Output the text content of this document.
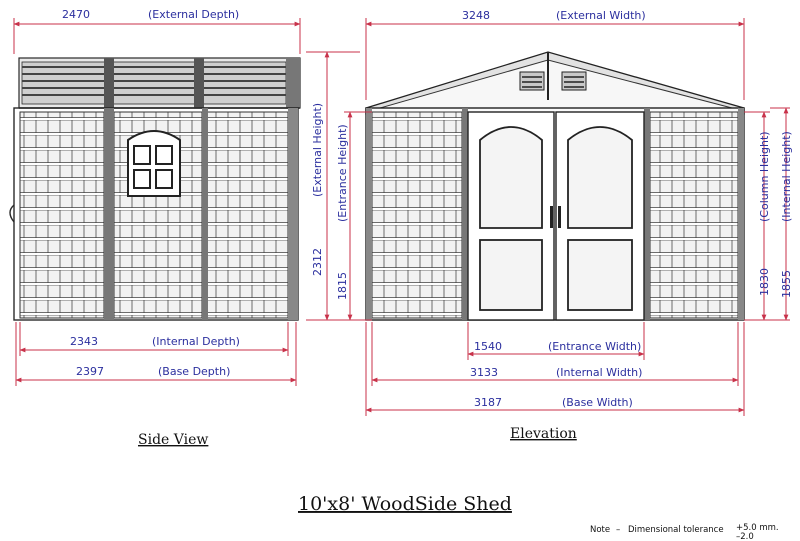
2470	(External Depth)
2343	(Internal Depth)
2397	(Base Depth)
Side View
2312
(External Height)
3248	(External Width)
1815
(Entrance Height)
1830
(Column Height)
1855
(Internal Height)
1540	(Entrance Width)
3133	(Internal Width)
3187	(Base Width)
Elevation
10'x8' WoodSide Shed
Note – Dimensional tolerance +5.0 mm.
–2.0
